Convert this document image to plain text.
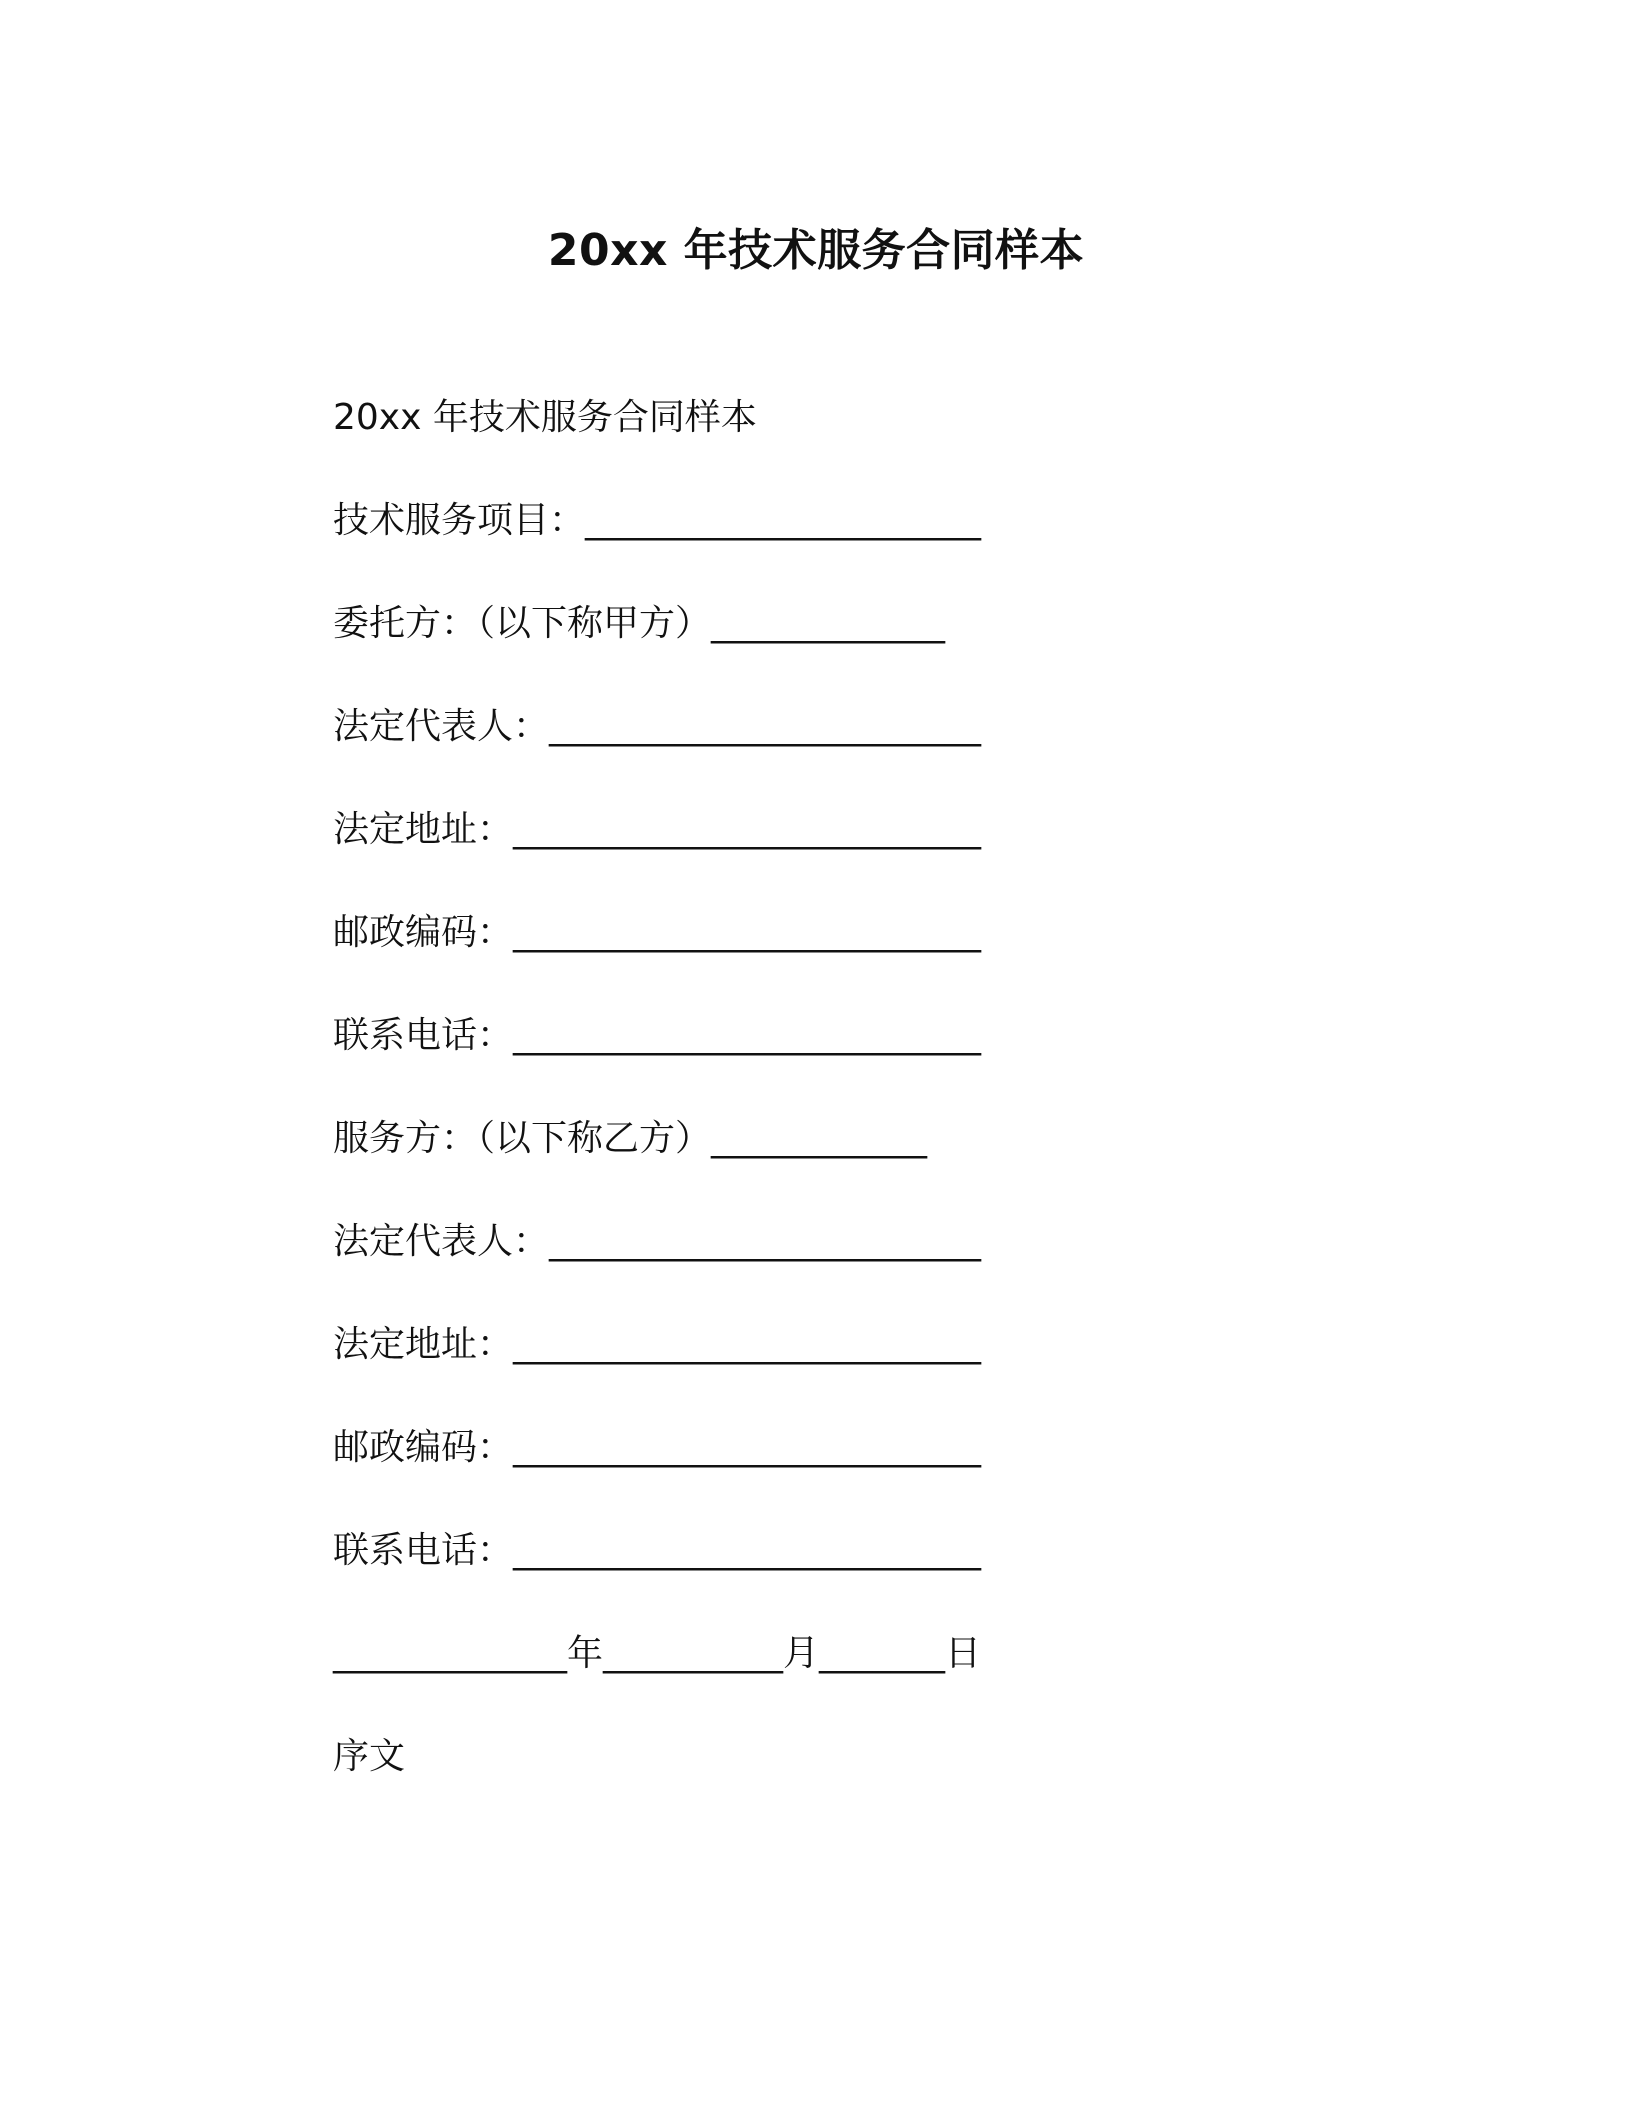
20xx 年技术服务合同样本
20xx 年技术服务合同样本
技术服务项目：______________________
委托方：（以下称甲方）_____________
法定代表人：________________________
法定地址：__________________________
邮政编码：__________________________
联系电话：__________________________
服务方：（以下称乙方）____________
法定代表人：________________________
法定地址：__________________________
邮政编码：__________________________
联系电话：__________________________
_____________年__________月_______日
序文
